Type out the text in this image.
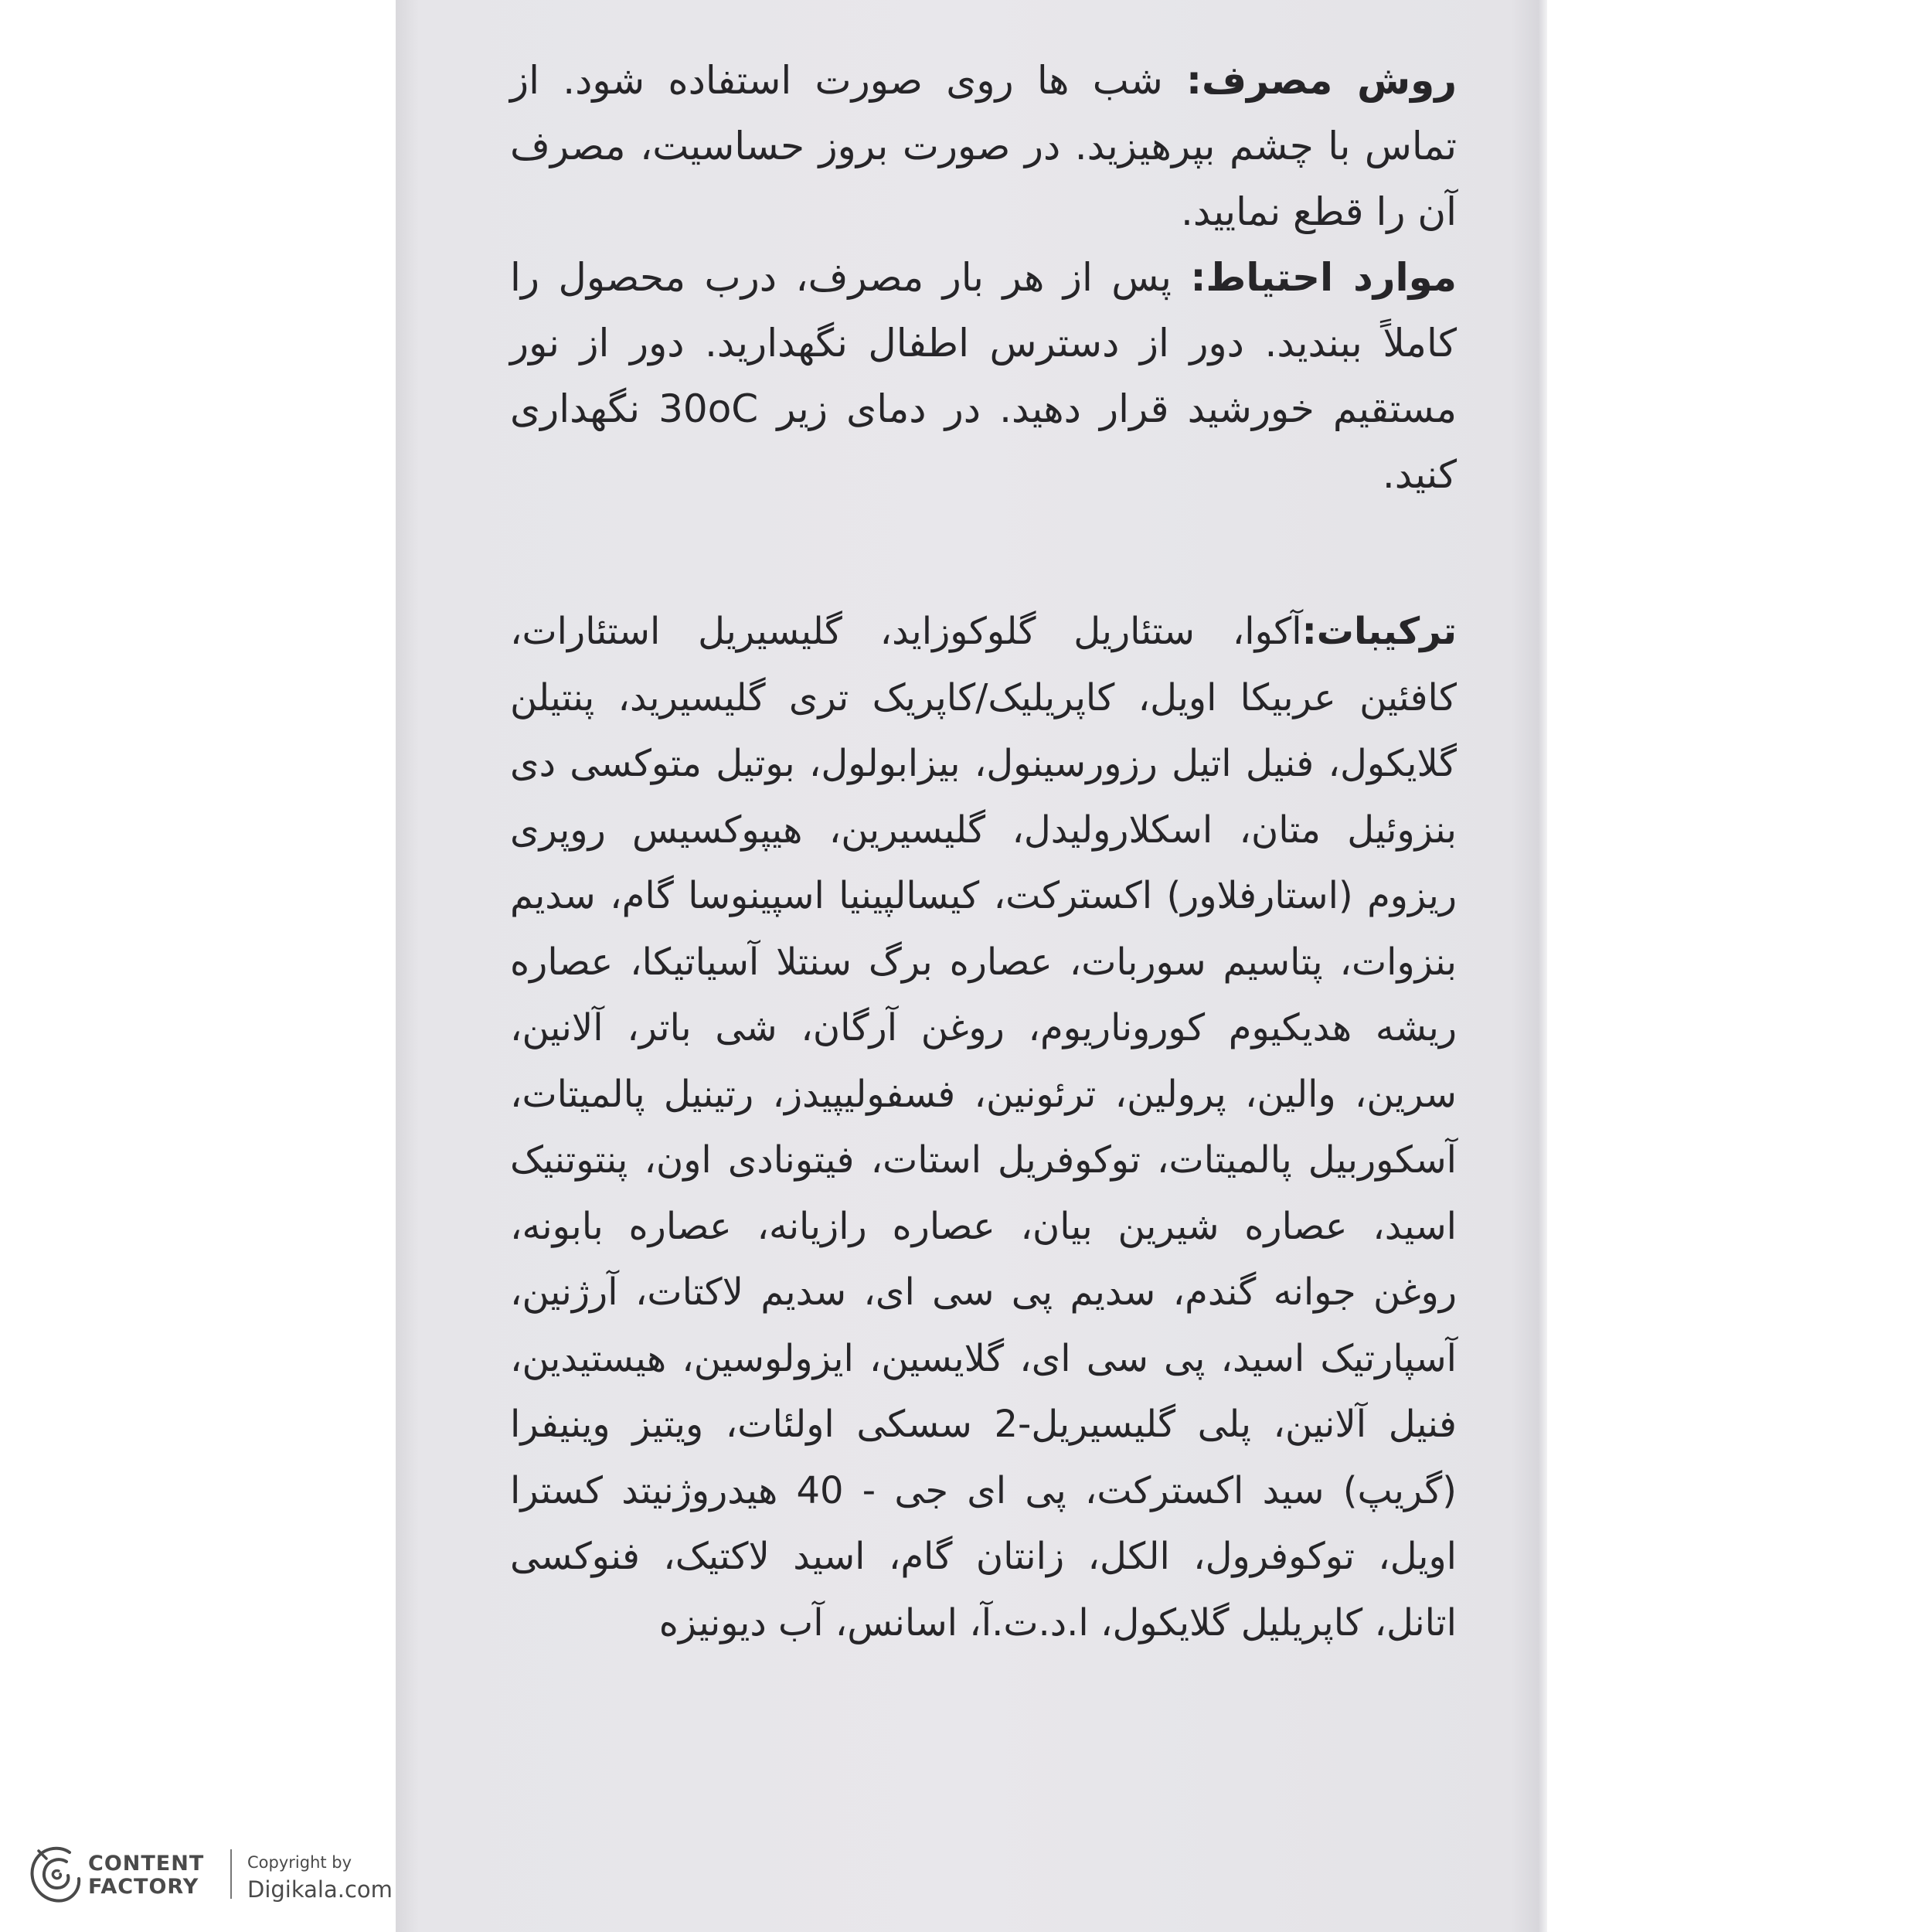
روش مصرف: شب ها روی صورت استفاده شود. از تماس با چشم بپرهیزید. در صورت بروز حساسیت، مصرف آن را قطع نمایید.

موارد احتیاط: پس از هر بار مصرف، درب محصول را کاملاً ببندید. دور از دسترس اطفال نگهدارید. دور از نور مستقیم خورشید قرار دهید. در دمای زیر 30oC نگهداری کنید.

ترکیبات:آکوا، ستئاریل گلوکوزاید، گلیسیریل استئارات، کافئین عربیکا اویل، کاپریلیک/کاپریک تری گلیسیرید، پنتیلن گلایکول، فنیل اتیل رزورسینول، بیزابولول، بوتیل متوکسی دی بنزوئیل متان، اسکلارولیدل، گلیسیرین، هیپوکسیس روپری ریزوم (استارفلاور) اکسترکت، کیسالپینیا اسپینوسا گام، سدیم بنزوات، پتاسیم سوربات، عصاره برگ سنتلا آسیاتیکا، عصاره ریشه هدیکیوم کوروناریوم، روغن آرگان، شی باتر، آلانین، سرین، والین، پرولین، ترئونین، فسفولیپیدز، رتینیل پالمیتات، آسکوربیل پالمیتات، توکوفریل استات، فیتونادی اون، پنتوتنیک اسید، عصاره شیرین بیان، عصاره رازیانه، عصاره بابونه، روغن جوانه گندم، سدیم پی سی ای، سدیم لاکتات، آرژنین، آسپارتیک اسید، پی سی ای، گلایسین، ایزولوسین، هیستیدین، فنیل آلانین، پلی گلیسیریل-2 سسکی اولئات، ویتیز وینیفرا (گریپ) سید اکسترکت، پی ای جی - 40 هیدروژنیتد کسترا اویل، توکوفرول، الکل، زانتان گام، اسید لاکتیک، فنوکسی اتانل، کاپریلیل گلایکول، ا.د.ت.آ، اسانس، آب دیونیزه

CONTENT
FACTORY
Copyright by
Digikala.com
